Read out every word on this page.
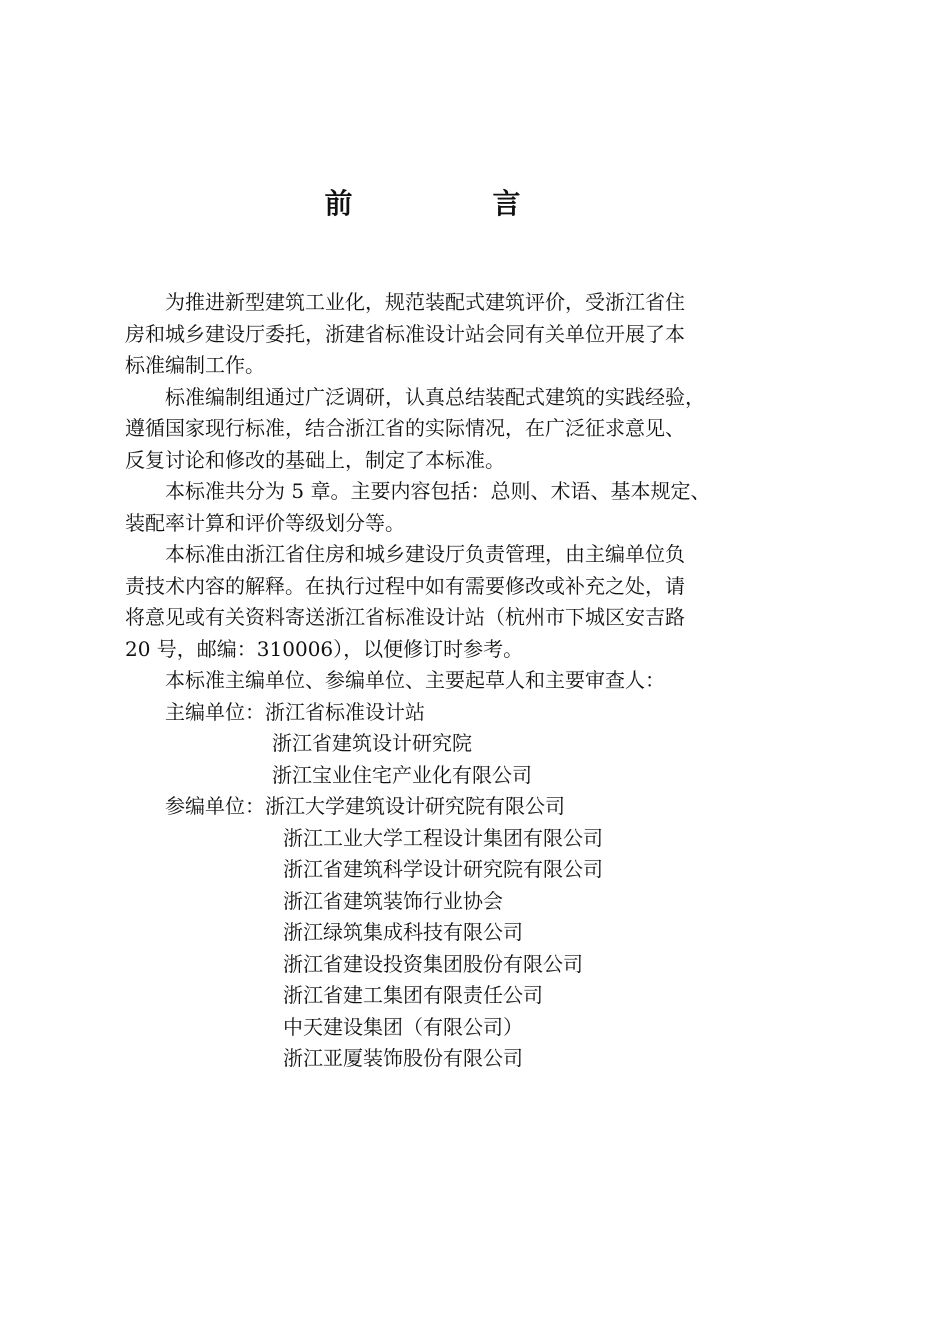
前　言
为推进新型建筑工业化，规范装配式建筑评价，受浙江省住
房和城乡建设厅委托，浙建省标准设计站会同有关单位开展了本
标准编制工作。
标准编制组通过广泛调研，认真总结装配式建筑的实践经验，
遵循国家现行标准，结合浙江省的实际情况，在广泛征求意见、
反复讨论和修改的基础上，制定了本标准。
本标准共分为 5 章。主要内容包括：总则、术语、基本规定、
装配率计算和评价等级划分等。
本标准由浙江省住房和城乡建设厅负责管理，由主编单位负
责技术内容的解释。在执行过程中如有需要修改或补充之处，请
将意见或有关资料寄送浙江省标准设计站（杭州市下城区安吉路
20 号，邮编：310006），以便修订时参考。
本标准主编单位、参编单位、主要起草人和主要审查人：
主编单位：浙江省标准设计站
浙江省建筑设计研究院
浙江宝业住宅产业化有限公司
参编单位：浙江大学建筑设计研究院有限公司
浙江工业大学工程设计集团有限公司
浙江省建筑科学设计研究院有限公司
浙江省建筑装饰行业协会
浙江绿筑集成科技有限公司
浙江省建设投资集团股份有限公司
浙江省建工集团有限责任公司
中天建设集团（有限公司）
浙江亚厦装饰股份有限公司
